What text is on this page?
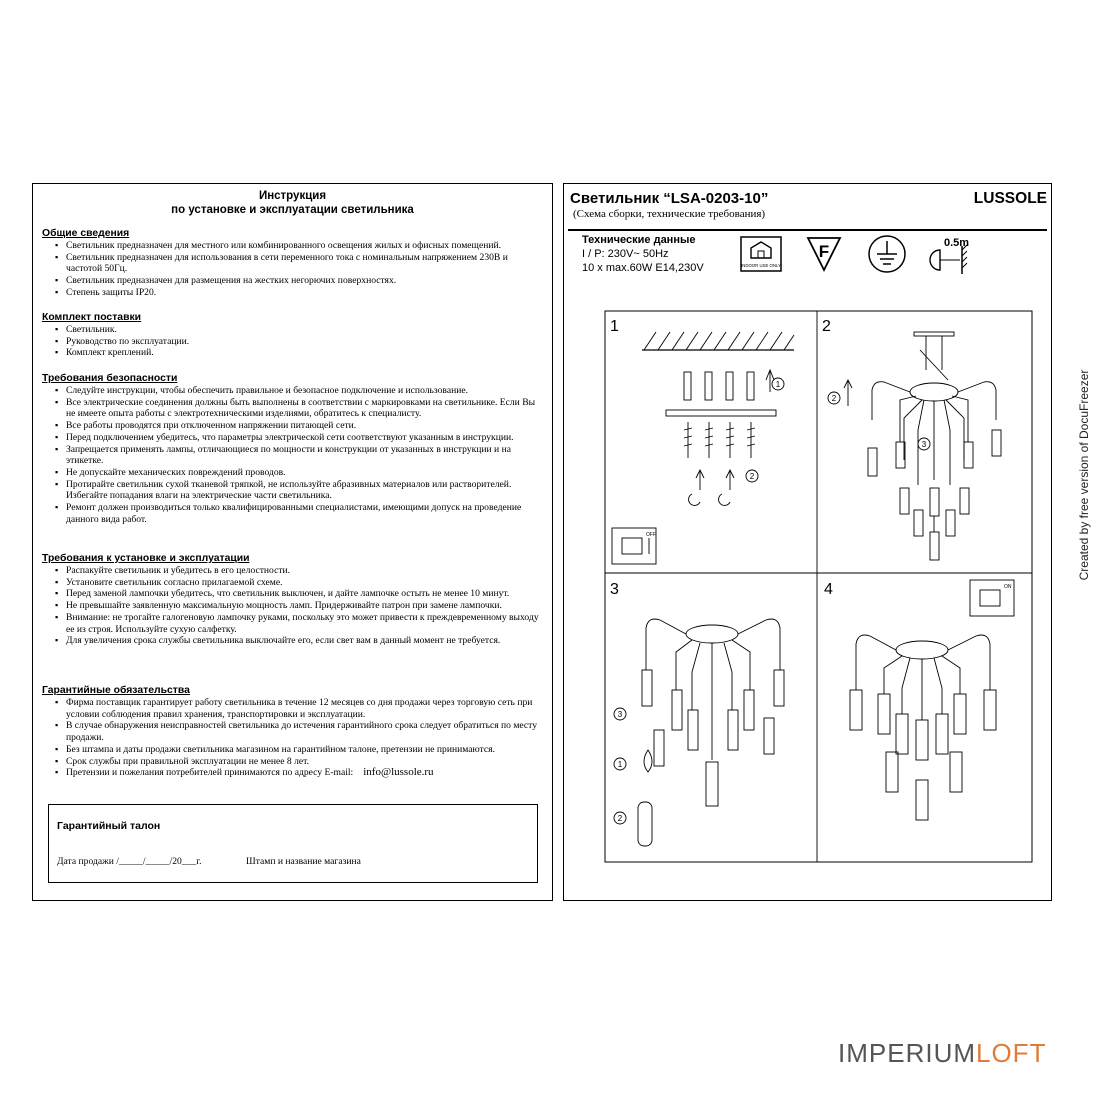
Инструкция
по установке и эксплуатации светильника
Общие сведения
▪ Светильник предназначен для местного или комбинированного освещения жилых и офисных помещений.
▪ Светильник предназначен для использования в сети переменного тока с номинальным напряжением 230В и частотой 50Гц.
▪ Светильник предназначен для размещения на жестких негорючих поверхностях.
▪ Степень защиты IP20.
Комплект поставки
▪ Светильник.
▪ Руководство по эксплуатации.
▪ Комплект креплений.
Требования безопасности
▪ Следуйте инструкции, чтобы обеспечить правильное и безопасное подключение и использование.
▪ Все электрические соединения должны быть выполнены в соответствии с маркировками на светильнике. Если Вы не имеете опыта работы с электротехническими изделиями, обратитесь к специалисту.
▪ Все работы проводятся при отключенном напряжении питающей сети.
▪ Перед подключением убедитесь, что параметры электрической сети соответствуют указанным в инструкции.
▪ Запрещается применять лампы, отличающиеся по мощности и конструкции от указанных в инструкции и на этикетке.
▪ Не допускайте механических повреждений проводов.
▪ Протирайте светильник сухой тканевой тряпкой, не используйте абразивных материалов или растворителей. Избегайте попадания влаги на электрические части светильника.
▪ Ремонт должен производиться только квалифицированными специалистами, имеющими допуск на проведение данного вида работ.
Требования к установке и эксплуатации
▪ Распакуйте светильник и убедитесь в его целостности.
▪ Установите светильник согласно прилагаемой схеме.
▪ Перед заменой лампочки убедитесь, что светильник выключен, и дайте лампочке остыть не менее 10 минут.
▪ Не превышайте заявленную максимальную мощность ламп. Придерживайте патрон при замене лампочки.
▪ Внимание: не трогайте галогеновую лампочку руками, поскольку это может привести к преждевременному выходу ее из строя. Используйте сухую салфетку.
▪ Для увеличения срока службы светильника выключайте его, если свет вам в данный момент не требуется.
Гарантийные обязательства
▪ Фирма поставщик гарантирует работу светильника в течение 12 месяцев со дня продажи через торговую сеть при условии соблюдения правил хранения, транспортировки и эксплуатации.
▪ В случае обнаружения неисправностей светильника до истечения гарантийного срока следует обратиться по месту продажи.
▪ Без штампа и даты продажи светильника магазином на гарантийном талоне, претензии не принимаются.
▪ Срок службы при правильной эксплуатации не менее 8 лет.
▪ Претензии и пожелания потребителей принимаются по адресу E-mail: info@lussole.ru
Гарантийный талон
Дата продажи /_____/_____/20___г.	Штамп и название магазина
Светильник “LSA-0203-10”	LUSSOLE
(Схема сборки, технические требования)
Технические данные
I / P: 230V~ 50Hz
10 x max.60W E14,230V	INDOOR USE ONLY
F	0.5m
1	2
3	4
1
2
2
3
3
1
2
OFF
ON
Created by free version of DocuFreezer
IMPERIUMLOFT
